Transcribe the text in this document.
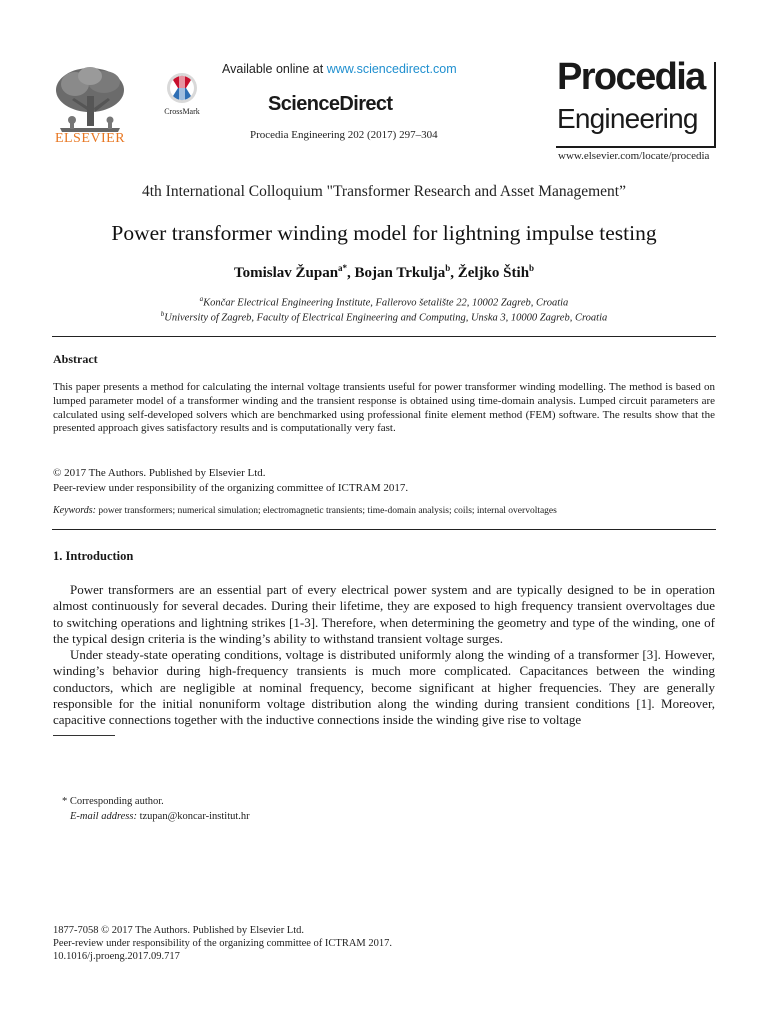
ELSEVIER
CrossMark
Available online at www.sciencedirect.com
ScienceDirect
Procedia Engineering 202 (2017) 297–304
Procedia
Engineering
www.elsevier.com/locate/procedia
4th International Colloquium "Transformer Research and Asset Management”
Power transformer winding model for lightning impulse testing
Tomislav Župan$^{a*}$, Bojan Trkulja$^b$, Željko Štih$^b$
$^a$Končar Electrical Engineering Institute, Fallerovo šetalište 22, 10002 Zagreb, Croatia
$^b$University of Zagreb, Faculty of Electrical Engineering and Computing, Unska 3, 10000 Zagreb, Croatia
Abstract
This paper presents a method for calculating the internal voltage transients useful for power transformer winding modelling. The method is based on lumped parameter model of a transformer winding and the transient response is obtained using time-domain analysis. Lumped circuit parameters are calculated using self-developed solvers which are benchmarked using professional finite element method (FEM) software. The results show that the presented approach gives satisfactory results and is computationally very fast.
© 2017 The Authors. Published by Elsevier Ltd.
Peer-review under responsibility of the organizing committee of ICTRAM 2017.
Keywords: power transformers; numerical simulation; electromagnetic transients; time-domain analysis; coils; internal overvoltages
1. Introduction

Power transformers are an essential part of every electrical power system and are typically designed to be in operation almost continuously for several decades. During their lifetime, they are exposed to high frequency transient overvoltages due to switching operations and lightning strikes [1-3]. Therefore, when determining the geometry and type of the winding, one of the typical design criteria is the winding’s ability to withstand transient voltage surges.

Under steady-state operating conditions, voltage is distributed uniformly along the winding of a transformer [3]. However, winding’s behavior during high-frequency transients is much more complicated. Capacitances between the winding conductors, which are negligible at nominal frequency, become significant at higher frequencies. They are generally responsible for the initial nonuniform voltage distribution along the winding during transient conditions [1]. Moreover, capacitive connections together with the inductive connections inside the winding give rise to voltage

* Corresponding author.
E-mail address: tzupan@koncar-institut.hr
1877-7058 © 2017 The Authors. Published by Elsevier Ltd.
Peer-review under responsibility of the organizing committee of ICTRAM 2017.
10.1016/j.proeng.2017.09.717
